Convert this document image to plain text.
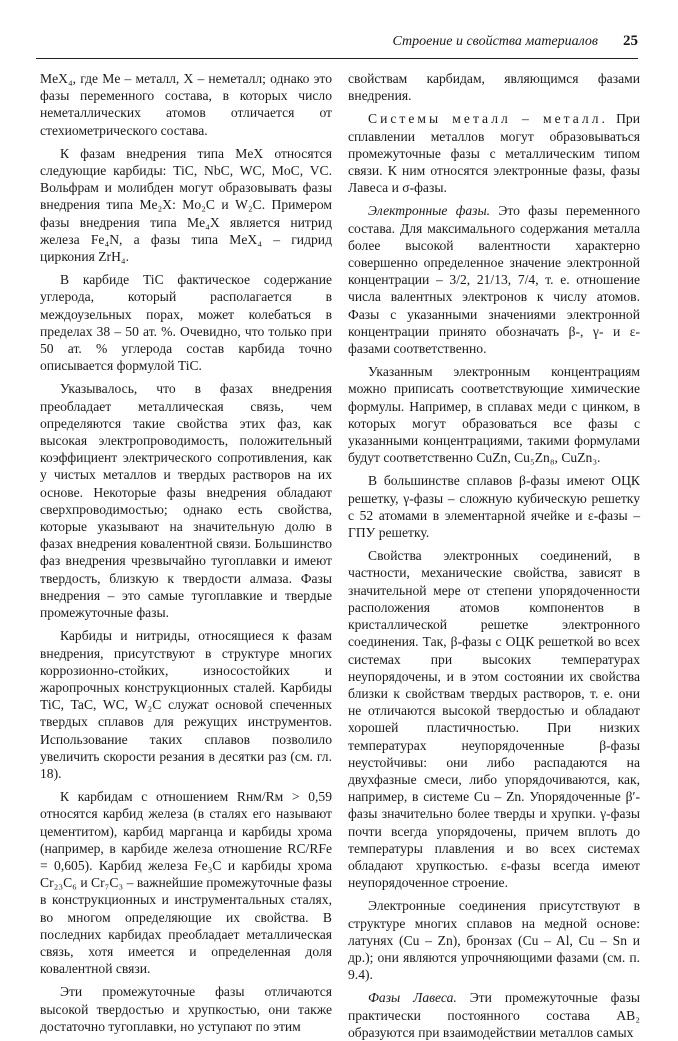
Строение и свойства материалов 25

MeX₄, где Me – металл, X – неметалл; однако это фазы переменного состава, в которых число неметаллических атомов отличается от стехиометрического состава.

К фазам внедрения типа MeX относятся следующие карбиды: TiC, NbC, WC, MoC, VC. Вольфрам и молибден могут образовывать фазы внедрения типа Me₂X: Mo₂C и W₂C. Примером фазы внедрения типа Me₄X является нитрид железа Fe₄N, а фазы типа MeX₄ – гидрид циркония ZrH₄.

В карбиде TiC фактическое содержание углерода, который располагается в междоузельных порах, может колебаться в пределах 38 – 50 ат. %. Очевидно, что только при 50 ат. % углерода состав карбида точно описывается формулой TiC.

Указывалось, что в фазах внедрения преобладает металлическая связь, чем определяются такие свойства этих фаз, как высокая электропроводимость, положительный коэффициент электрического сопротивления, как у чистых металлов и твердых растворов на их основе. Некоторые фазы внедрения обладают сверхпроводимостью; однако есть свойства, которые указывают на значительную долю в фазах внедрения ковалентной связи. Большинство фаз внедрения чрезвычайно тугоплавки и имеют твердость, близкую к твердости алмаза. Фазы внедрения – это самые тугоплавкие и твердые промежуточные фазы.

Карбиды и нитриды, относящиеся к фазам внедрения, присутствуют в структуре многих коррозионно-стойких, износостойких и жаропрочных конструкционных сталей. Карбиды TiC, TaC, WC, W₂C служат основой спеченных твердых сплавов для режущих инструментов. Использование таких сплавов позволило увеличить скорости резания в десятки раз (см. гл. 18).

К карбидам с отношением Rнм/Rм > 0,59 относятся карбид железа (в сталях его называют цементитом), карбид марганца и карбиды хрома (например, в карбиде железа отношение RC/RFe = 0,605). Карбид железа Fe₃C и карбиды хрома Cr₂₃C₆ и Cr₇C₃ – важнейшие промежуточные фазы в конструкционных и инструментальных сталях, во многом определяющие их свойства. В последних карбидах преобладает металлическая связь, хотя имеется и определенная доля ковалентной связи.

Эти промежуточные фазы отличаются высокой твердостью и хрупкостью, они также достаточно тугоплавки, но уступают по этим

свойствам карбидам, являющимся фазами внедрения.

Системы металл – металл. При сплавлении металлов могут образовываться промежуточные фазы с металлическим типом связи. К ним относятся электронные фазы, фазы Лавеса и σ-фазы.

Электронные фазы. Это фазы переменного состава. Для максимального содержания металла более высокой валентности характерно совершенно определенное значение электронной концентрации – 3/2, 21/13, 7/4, т. е. отношение числа валентных электронов к числу атомов. Фазы с указанными значениями электронной концентрации принято обозначать β-, γ- и ε-фазами соответственно.

Указанным электронным концентрациям можно приписать соответствующие химические формулы. Например, в сплавах меди с цинком, в которых могут образоваться все фазы с указанными концентрациями, такими формулами будут соответственно CuZn, Cu₅Zn₈, CuZn₃.

В большинстве сплавов β-фазы имеют ОЦК решетку, γ-фазы – сложную кубическую решетку с 52 атомами в элементарной ячейке и ε-фазы – ГПУ решетку.

Свойства электронных соединений, в частности, механические свойства, зависят в значительной мере от степени упорядоченности расположения атомов компонентов в кристаллической решетке электронного соединения. Так, β-фазы с ОЦК решеткой во всех системах при высоких температурах неупорядочены, и в этом состоянии их свойства близки к свойствам твердых растворов, т. е. они не отличаются высокой твердостью и обладают хорошей пластичностью. При низких температурах неупорядоченные β-фазы неустойчивы: они либо распадаются на двухфазные смеси, либо упорядочиваются, как, например, в системе Cu – Zn. Упорядоченные β′-фазы значительно более тверды и хрупки. γ-фазы почти всегда упорядочены, причем вплоть до температуры плавления и во всех системах обладают хрупкостью. ε-фазы всегда имеют неупорядоченное строение.

Электронные соединения присутствуют в структуре многих сплавов на медной основе: латунях (Cu – Zn), бронзах (Cu – Al, Cu – Sn и др.); они являются упрочняющими фазами (см. п. 9.4).

Фазы Лавеса. Эти промежуточные фазы практически постоянного состава AB₂ образуются при взаимодействии металлов самых
